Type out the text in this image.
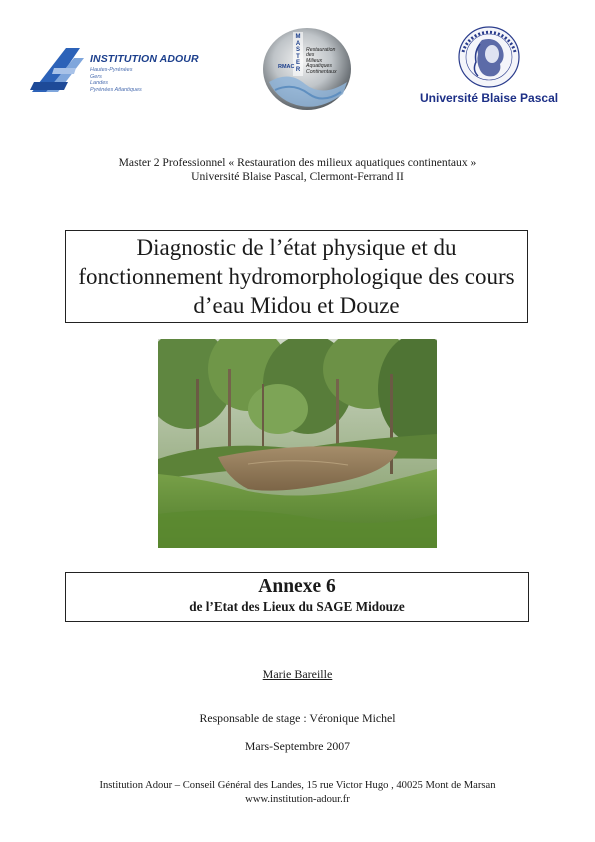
INSTITUTION ADOUR
Hautes-Pyrénées
Gers
Landes
Pyrénées Atlantiques
M
A
S
T
E
R
RMAC
Restauration
des
Milieux
Aquatiques
Continentaux
Université Blaise Pascal
Master 2 Professionnel « Restauration des milieux aquatiques continentaux »
Université Blaise Pascal, Clermont-Ferrand II
Diagnostic de l’état physique et du fonctionnement hydromorphologique des cours d’eau Midou et Douze
Annexe 6
de l’Etat des Lieux du SAGE Midouze
Marie Bareille
Responsable de stage : Véronique Michel
Mars-Septembre 2007
Institution Adour – Conseil Général des Landes, 15 rue Victor Hugo , 40025 Mont de Marsan
www.institution-adour.fr
